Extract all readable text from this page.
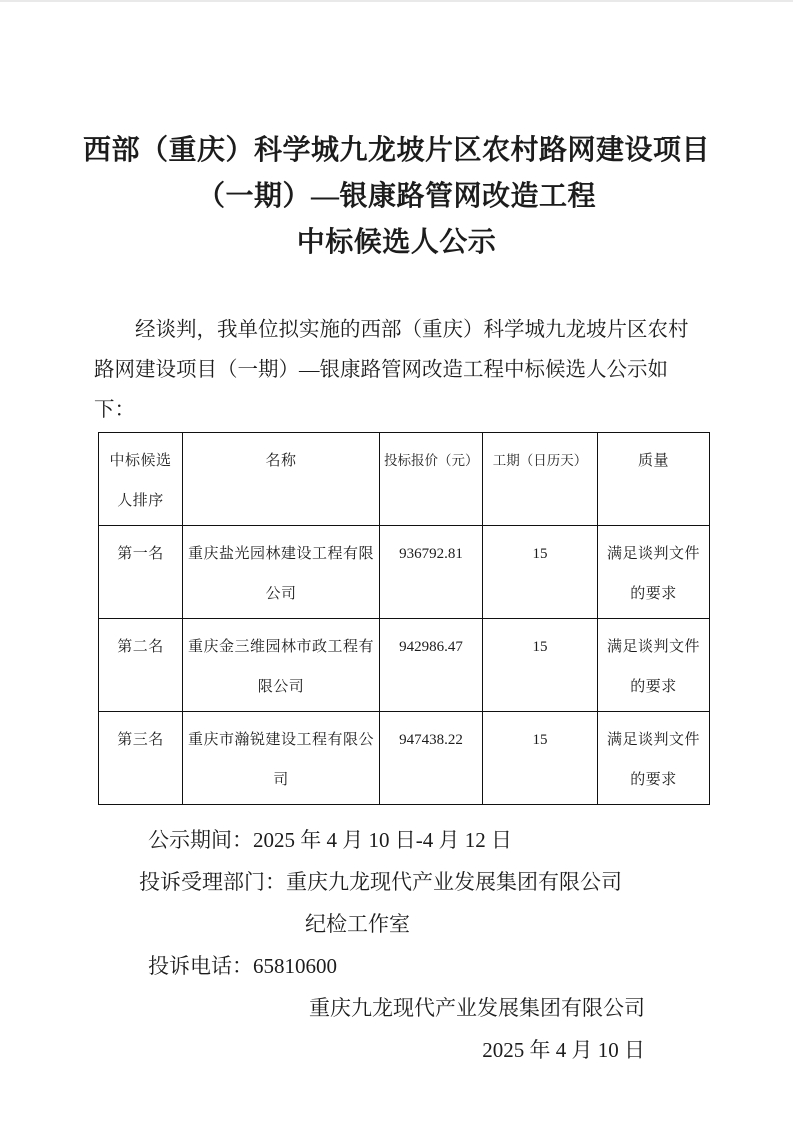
西部（重庆）科学城九龙坡片区农村路网建设项目
（一期）—银康路管网改造工程
中标候选人公示

经谈判，我单位拟实施的西部（重庆）科学城九龙坡片区农村路网建设项目（一期）—银康路管网改造工程中标候选人公示如下：

中标候选人排序	名称	投标报价（元）	工期（日历天）	质量
第一名	重庆盐光园林建设工程有限公司	936792.81	15	满足谈判文件的要求
第二名	重庆金三维园林市政工程有限公司	942986.47	15	满足谈判文件的要求
第三名	重庆市瀚锐建设工程有限公司	947438.22	15	满足谈判文件的要求
公示期间：2025 年 4 月 10 日-4 月 12 日
投诉受理部门：重庆九龙现代产业发展集团有限公司
纪检工作室
投诉电话：65810600
重庆九龙现代产业发展集团有限公司
2025 年 4 月 10 日
